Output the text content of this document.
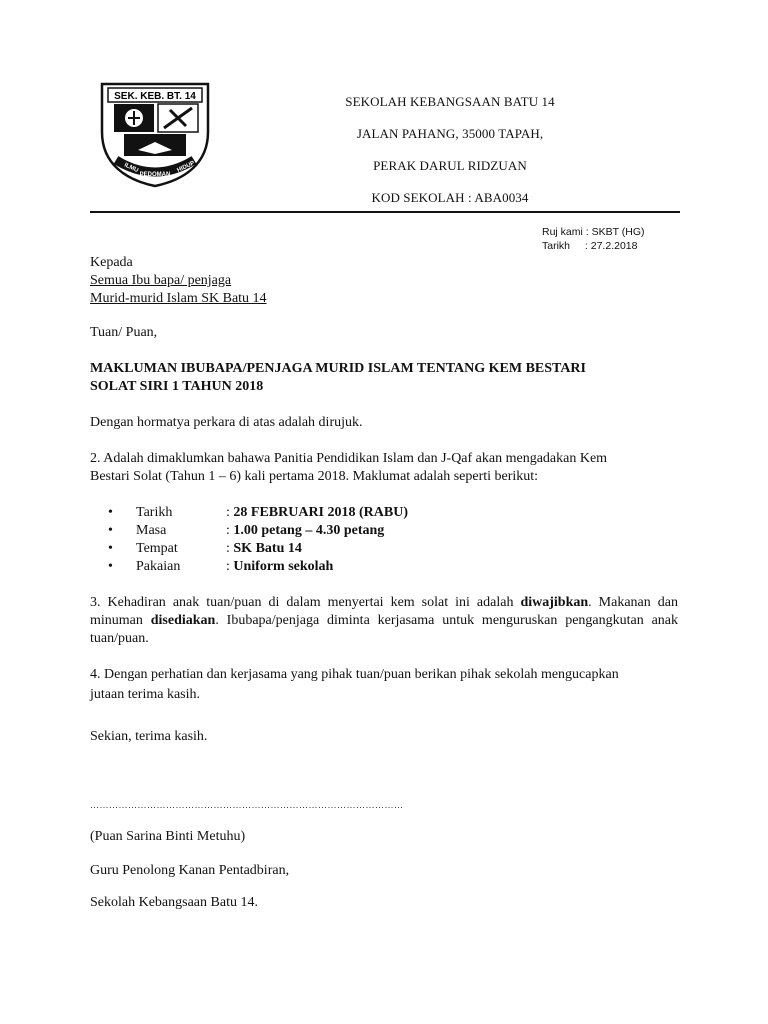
SEK. KEB. BT. 14
ILMU
PEDOMAN
HIDUP
SEKOLAH KEBANGSAAN BATU 14
JALAN PAHANG, 35000 TAPAH,
PERAK DARUL RIDZUAN
KOD SEKOLAH : ABA0034
Ruj kami : SKBT (HG)
Tarikh : 27.2.2018
Kepada
Semua Ibu bapa/ penjaga
Murid-murid Islam SK Batu 14
Tuan/ Puan,
MAKLUMAN IBUBAPA/PENJAGA MURID ISLAM TENTANG KEM BESTARI
SOLAT SIRI 1 TAHUN 2018
Dengan hormatya perkara di atas adalah dirujuk.
2. Adalah dimaklumkan bahawa Panitia Pendidikan Islam dan J-Qaf akan mengadakan Kem
Bestari Solat (Tahun 1 – 6) kali pertama 2018. Maklumat adalah seperti berikut:
•	Tarikh	: 28 FEBRUARI 2018 (RABU)
•	Masa	: 1.00 petang – 4.30 petang
•	Tempat	: SK Batu 14
•	Pakaian	: Uniform sekolah
3. Kehadiran anak tuan/puan di dalam menyertai kem solat ini adalah diwajibkan. Makanan dan minuman disediakan. Ibubapa/penjaga diminta kerjasama untuk menguruskan pengangkutan anak tuan/puan.
4. Dengan perhatian dan kerjasama yang pihak tuan/puan berikan pihak sekolah mengucapkan
jutaan terima kasih.
Sekian, terima kasih.
………………………………………………………………………………………
(Puan Sarina Binti Metuhu)
Guru Penolong Kanan Pentadbiran,
Sekolah Kebangsaan Batu 14.
